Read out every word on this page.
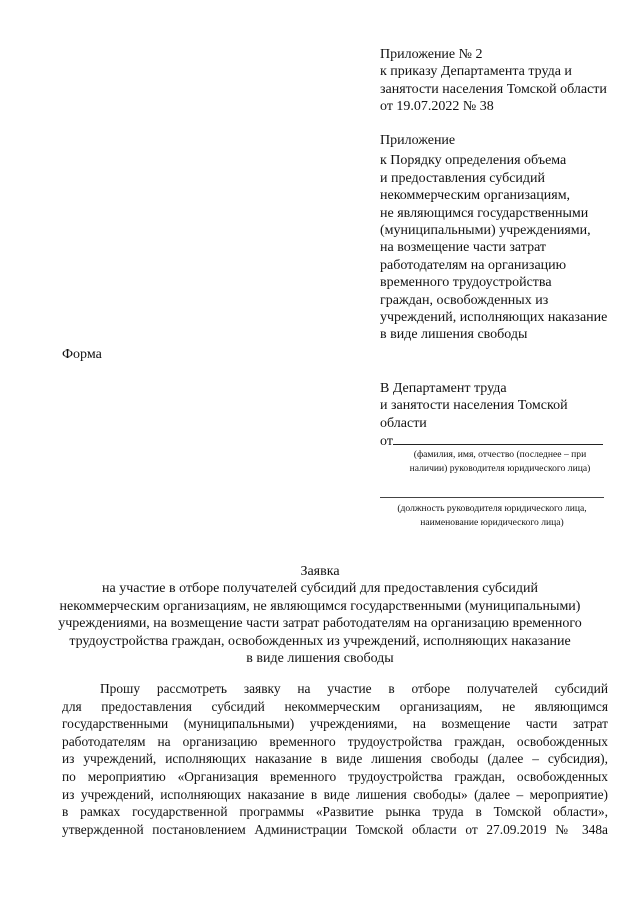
Приложение № 2
к приказу Департамента труда и
занятости населения Томской области
от 19.07.2022 № 38
Приложение
к Порядку определения объема
и предоставления субсидий
некоммерческим организациям,
не являющимся государственными
(муниципальными) учреждениями,
на возмещение части затрат
работодателям на организацию
временного трудоустройства
граждан, освобожденных из
учреждений, исполняющих наказание
в виде лишения свободы
Форма
В Департамент труда
и занятости населения Томской
области
от
(фамилия, имя, отчество (последнее – при
наличии) руководителя юридического лица)
(должность руководителя юридического лица,
наименование юридического лица)
Заявка
на участие в отборе получателей субсидий для предоставления субсидий
некоммерческим организациям, не являющимся государственными (муниципальными)
учреждениями, на возмещение части затрат работодателям на организацию временного
трудоустройства граждан, освобожденных из учреждений, исполняющих наказание
в виде лишения свободы
Прошу рассмотреть заявку на участие в отборе получателей субсидий
для предоставления субсидий некоммерческим организациям, не являющимся
государственными (муниципальными) учреждениями, на возмещение части затрат
работодателям на организацию временного трудоустройства граждан, освобожденных
из учреждений, исполняющих наказание в виде лишения свободы (далее – субсидия),
по мероприятию «Организация временного трудоустройства граждан, освобожденных
из учреждений, исполняющих наказание в виде лишения свободы» (далее – мероприятие)
в рамках государственной программы «Развитие рынка труда в Томской области»,
утвержденной постановлением Администрации Томской области от 27.09.2019 № 348а
